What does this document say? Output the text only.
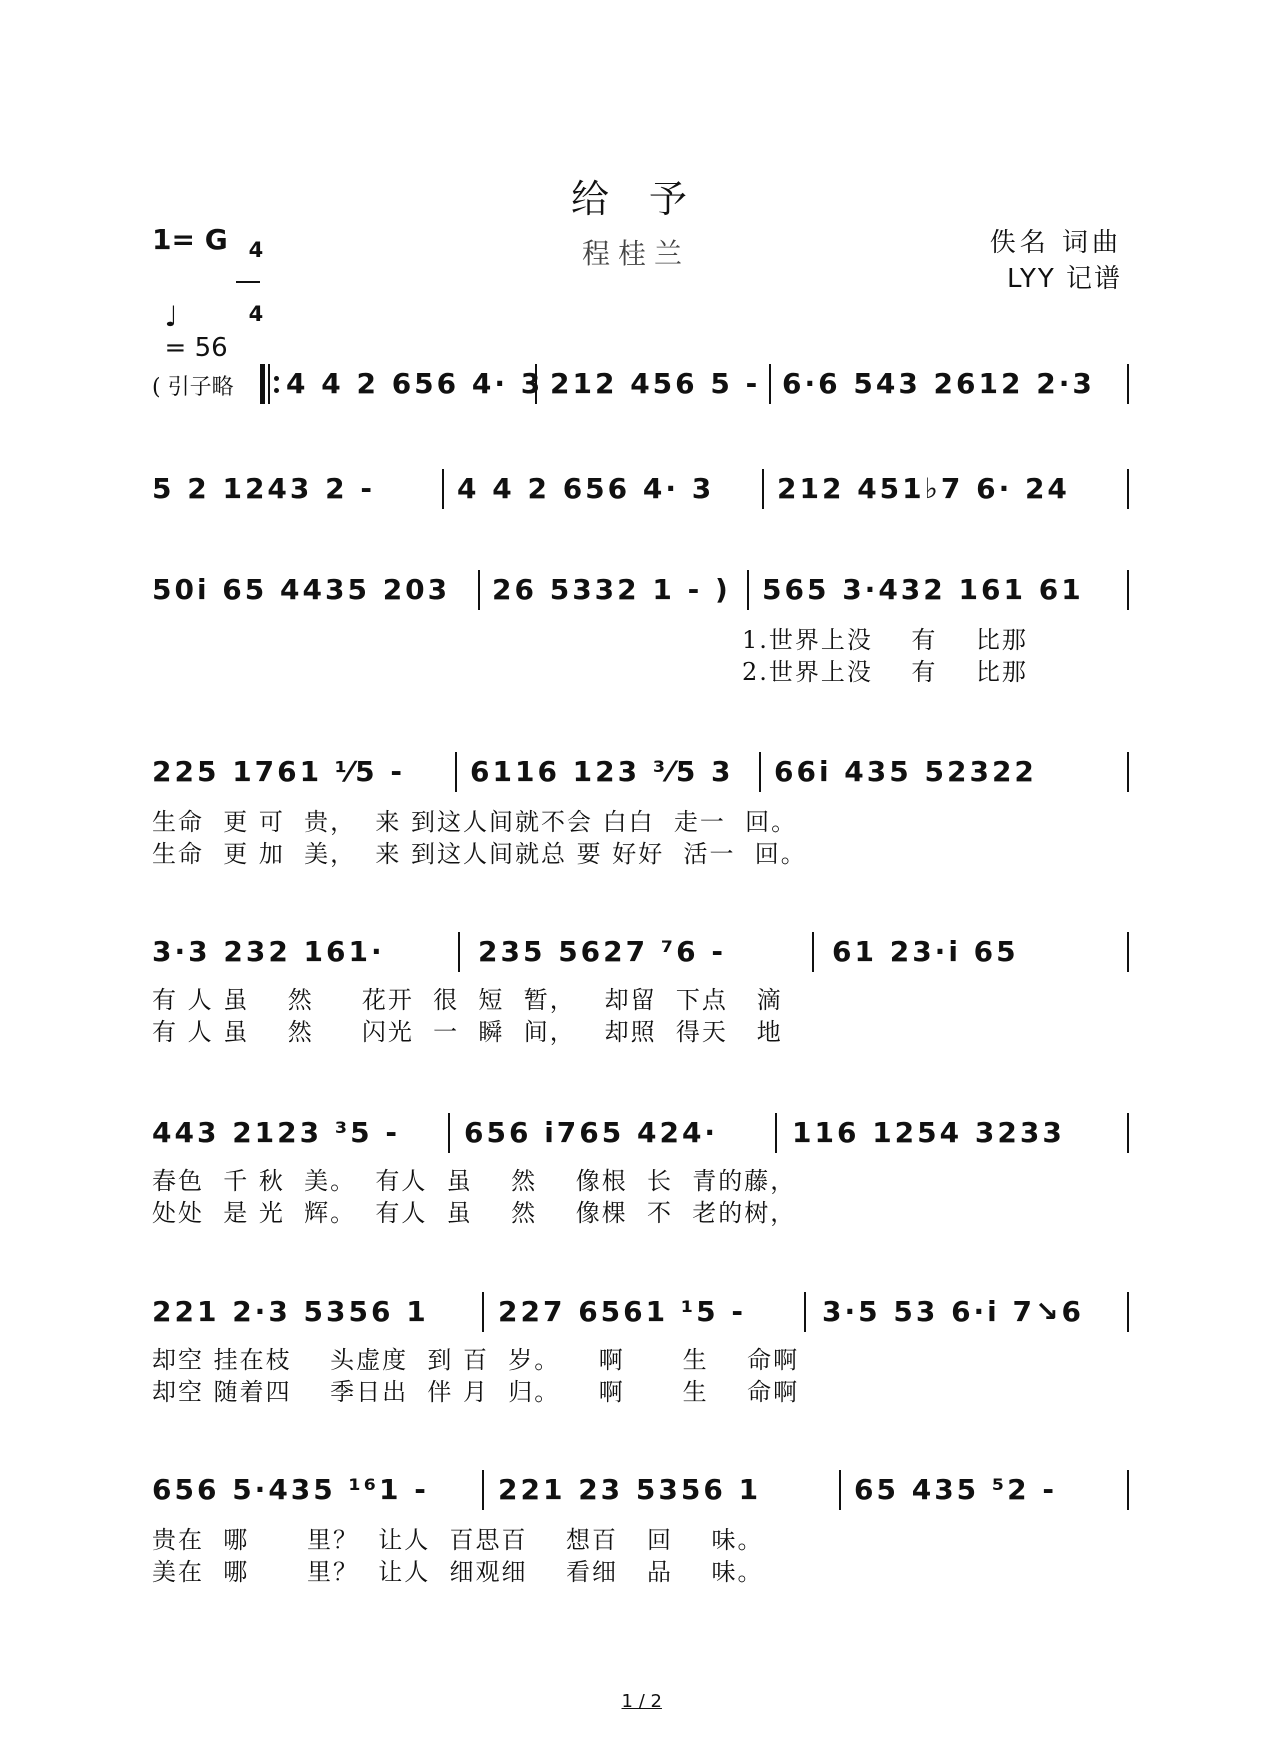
给 予
程桂兰	佚名 词曲
LYY 记谱
1= G 4

4

♩
= 56

( 引子略 4 4 2 656 4· 3 212 456 5 - 6·6 543 2612 2·3
5 2 1243 2 -	4 4 2 656 4· 3 212 451♭7 6· 24
50i 65 4435 203 26 5332 1 - ) 565 3·432 161 61
1.世界上没    有    比那
2.世界上没    有    比那
225 1761 ⅟5 - 6116 123 ³⁄5 3 66i 435 52322
生命  更 可  贵，  来 到这人间就不会 白白  走一  回。
生命  更 加  美，  来 到这人间就总 要 好好  活一  回。
3·3 232 161·	235 5627 ⁷6 -	61 23·i 65
有 人 虽    然     花开  很  短  暂，   却留  下点   滴
有 人 虽    然     闪光  一  瞬  间，   却照  得天   地
443 2123 ³5 - 656 i765 424·	116 1254 3233
春色  千 秋  美。  有人  虽    然    像根  长  青的藤，
处处  是 光  辉。  有人  虽    然    像棵  不  老的树，
221 2·3 5356 1 227 6561 ¹5 -	3·5 53 6·i 7↘6
却空 挂在枝    头虚度  到 百  岁。    啊      生    命啊
却空 随着四    季日出  伴 月  归。    啊      生    命啊
656 5·435 ¹⁶1 - 221 23 5356 1	65 435 ⁵2 -
贵在  哪      里？  让人  百思百    想百   回    味。
美在  哪      里？  让人  细观细    看细   品    味。

1 / 2
